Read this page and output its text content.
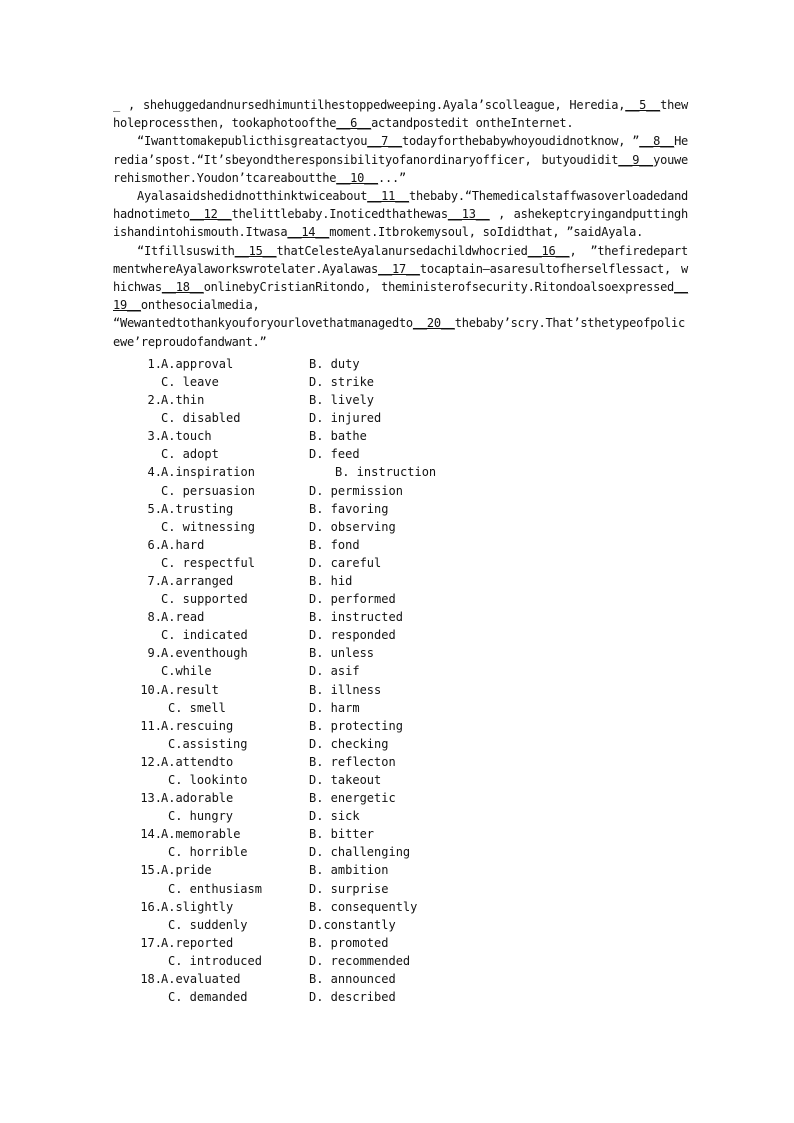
_ , shehuggedandnursedhimuntilhestoppedweeping.Ayala’scolleague, Heredia,__5__thewholeprocessthen, tookaphotoofthe__6__actandpostedit ontheInternet.

“Iwanttomakepublicthisgreatactyou__7__todayforthebabywhoyoudidnotknow, ”__8__Heredia’spost.“It’sbeyondtheresponsibilityofanordinaryofficer, butyoudidit__9__youwerehismother.Youdon’tcareaboutthe__10__...”

Ayalasaidshedidnotthinktwiceabout__11__thebaby.“Themedicalstaffwasoverloadedandhadnotimeto__12__thelittlebaby.Inoticedthathewas__13__ , ashekeptcryingandputtinghishandintohismouth.Itwasa__14__moment.Itbrokemysoul, soIdidthat, ”saidAyala.

“Itfillsuswith__15__thatCelesteAyalanursedachildwhocried__16__, ”thefiredepartmentwhereAyalaworkswrotelater.Ayalawas__17__tocaptain—asaresultofherselflessact, whichwas__18__onlinebyCristianRitondo, theministerofsecurity.Ritondoalsoexpressed__19__onthesocialmedia,

“Wewantedtothankyouforyourlovethatmanagedto__20__thebaby’scry.That’sthetypeofpolicewe’reproudofandwant.”

1. A.approval	B. duty
C. leave	D. strike
2. A.thin	B. lively
C. disabled	D. injured
3. A.touch	B. bathe
C. adopt	D. feed
4. A.inspiration	B. instruction
C. persuasion	D. permission
5. A.trusting	B. favoring
C. witnessing	D. observing
6. A.hard	B. fond
C. respectful	D. careful
7. A.arranged	B. hid
C. supported	D. performed
8. A.read	B. instructed
C. indicated	D. responded
9. A.eventhough	B. unless
C.while	D. asif
10. A.result	B. illness
C. smell	D. harm
11. A.rescuing	B. protecting
C.assisting	D. checking
12. A.attendto	B. reflecton
C. lookinto	D. takeout
13. A.adorable	B. energetic
C. hungry	D. sick
14. A.memorable	B. bitter
C. horrible	D. challenging
15. A.pride	B. ambition
C. enthusiasm	D. surprise
16. A.slightly	B. consequently
C. suddenly	D.constantly
17. A.reported	B. promoted
C. introduced	D. recommended
18. A.evaluated	B. announced
C. demanded	D. described
